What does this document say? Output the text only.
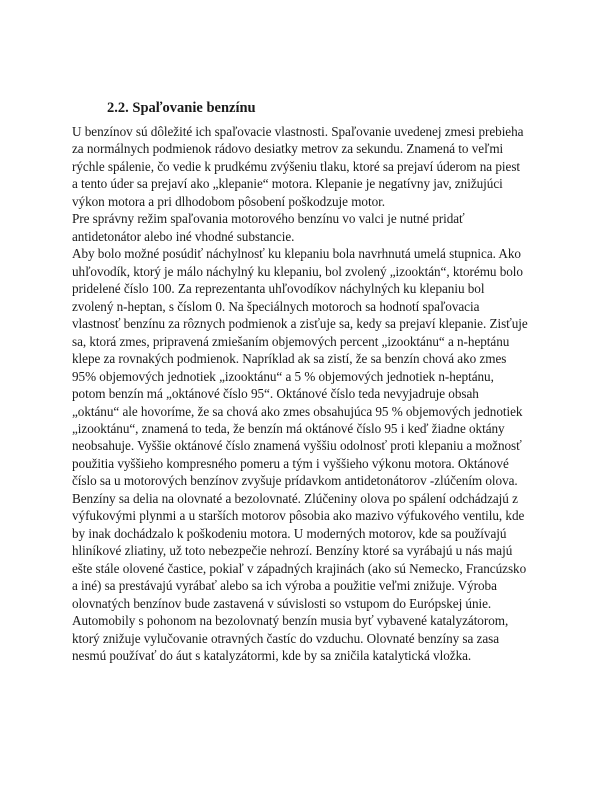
2.2. Spaľovanie benzínu
U benzínov sú dôležité ich spaľovacie vlastnosti. Spaľovanie uvedenej zmesi prebieha
za normálnych podmienok rádovo desiatky metrov za sekundu. Znamená to veľmi
rýchle spálenie, čo vedie k prudkému zvýšeniu tlaku, ktoré sa prejaví úderom na piest
a tento úder sa prejaví ako „klepanie“ motora. Klepanie je negatívny jav, znižujúci
výkon motora a pri dlhodobom pôsobení poškodzuje motor.
Pre správny režim spaľovania motorového benzínu vo valci je nutné pridať
antidetonátor alebo iné vhodné substancie.
Aby bolo možné posúdiť náchylnosť ku klepaniu bola navrhnutá umelá stupnica. Ako
uhľovodík, ktorý je málo náchylný ku klepaniu, bol zvolený „izooktán“, ktorému bolo
pridelené číslo 100. Za reprezentanta uhľovodíkov náchylných ku klepaniu bol
zvolený n-heptan, s číslom 0. Na špeciálnych motoroch sa hodnotí spaľovacia
vlastnosť benzínu za rôznych podmienok a zisťuje sa, kedy sa prejaví klepanie. Zisťuje
sa, ktorá zmes, pripravená zmiešaním objemových percent „izooktánu“ a n-heptánu
klepe za rovnakých podmienok. Napríklad ak sa zistí, že sa benzín chová ako zmes
95% objemových jednotiek „izooktánu“ a 5 % objemových jednotiek n-heptánu,
potom benzín má „oktánové číslo 95“. Oktánové číslo teda nevyjadruje obsah
„oktánu“ ale hovoríme, že sa chová ako zmes obsahujúca 95 % objemových jednotiek
„izooktánu“, znamená to teda, že benzín má oktánové číslo 95 i keď žiadne oktány
neobsahuje. Vyššie oktánové číslo znamená vyššiu odolnosť proti klepaniu a možnosť
použitia vyššieho kompresného pomeru a tým i vyššieho výkonu motora. Oktánové
číslo sa u motorových benzínov zvyšuje prídavkom antidetonátorov -zlúčením olova.
Benzíny sa delia na olovnaté a bezolovnaté. Zlúčeniny olova po spálení odchádzajú z
výfukovými plynmi a u starších motorov pôsobia ako mazivo výfukového ventilu, kde
by inak dochádzalo k poškodeniu motora. U moderných motorov, kde sa používajú
hliníkové zliatiny, už toto nebezpečie nehrozí. Benzíny ktoré sa vyrábajú u nás majú
ešte stále olovené častice, pokiaľ v západných krajinách (ako sú Nemecko, Francúzsko
a iné) sa prestávajú vyrábať alebo sa ich výroba a použitie veľmi znižuje. Výroba
olovnatých benzínov bude zastavená v súvislosti so vstupom do Európskej únie.
Automobily s pohonom na bezolovnatý benzín musia byť vybavené katalyzátorom,
ktorý znižuje vylučovanie otravných častíc do vzduchu. Olovnaté benzíny sa zasa
nesmú používať do áut s katalyzátormi, kde by sa zničila katalytická vložka.
